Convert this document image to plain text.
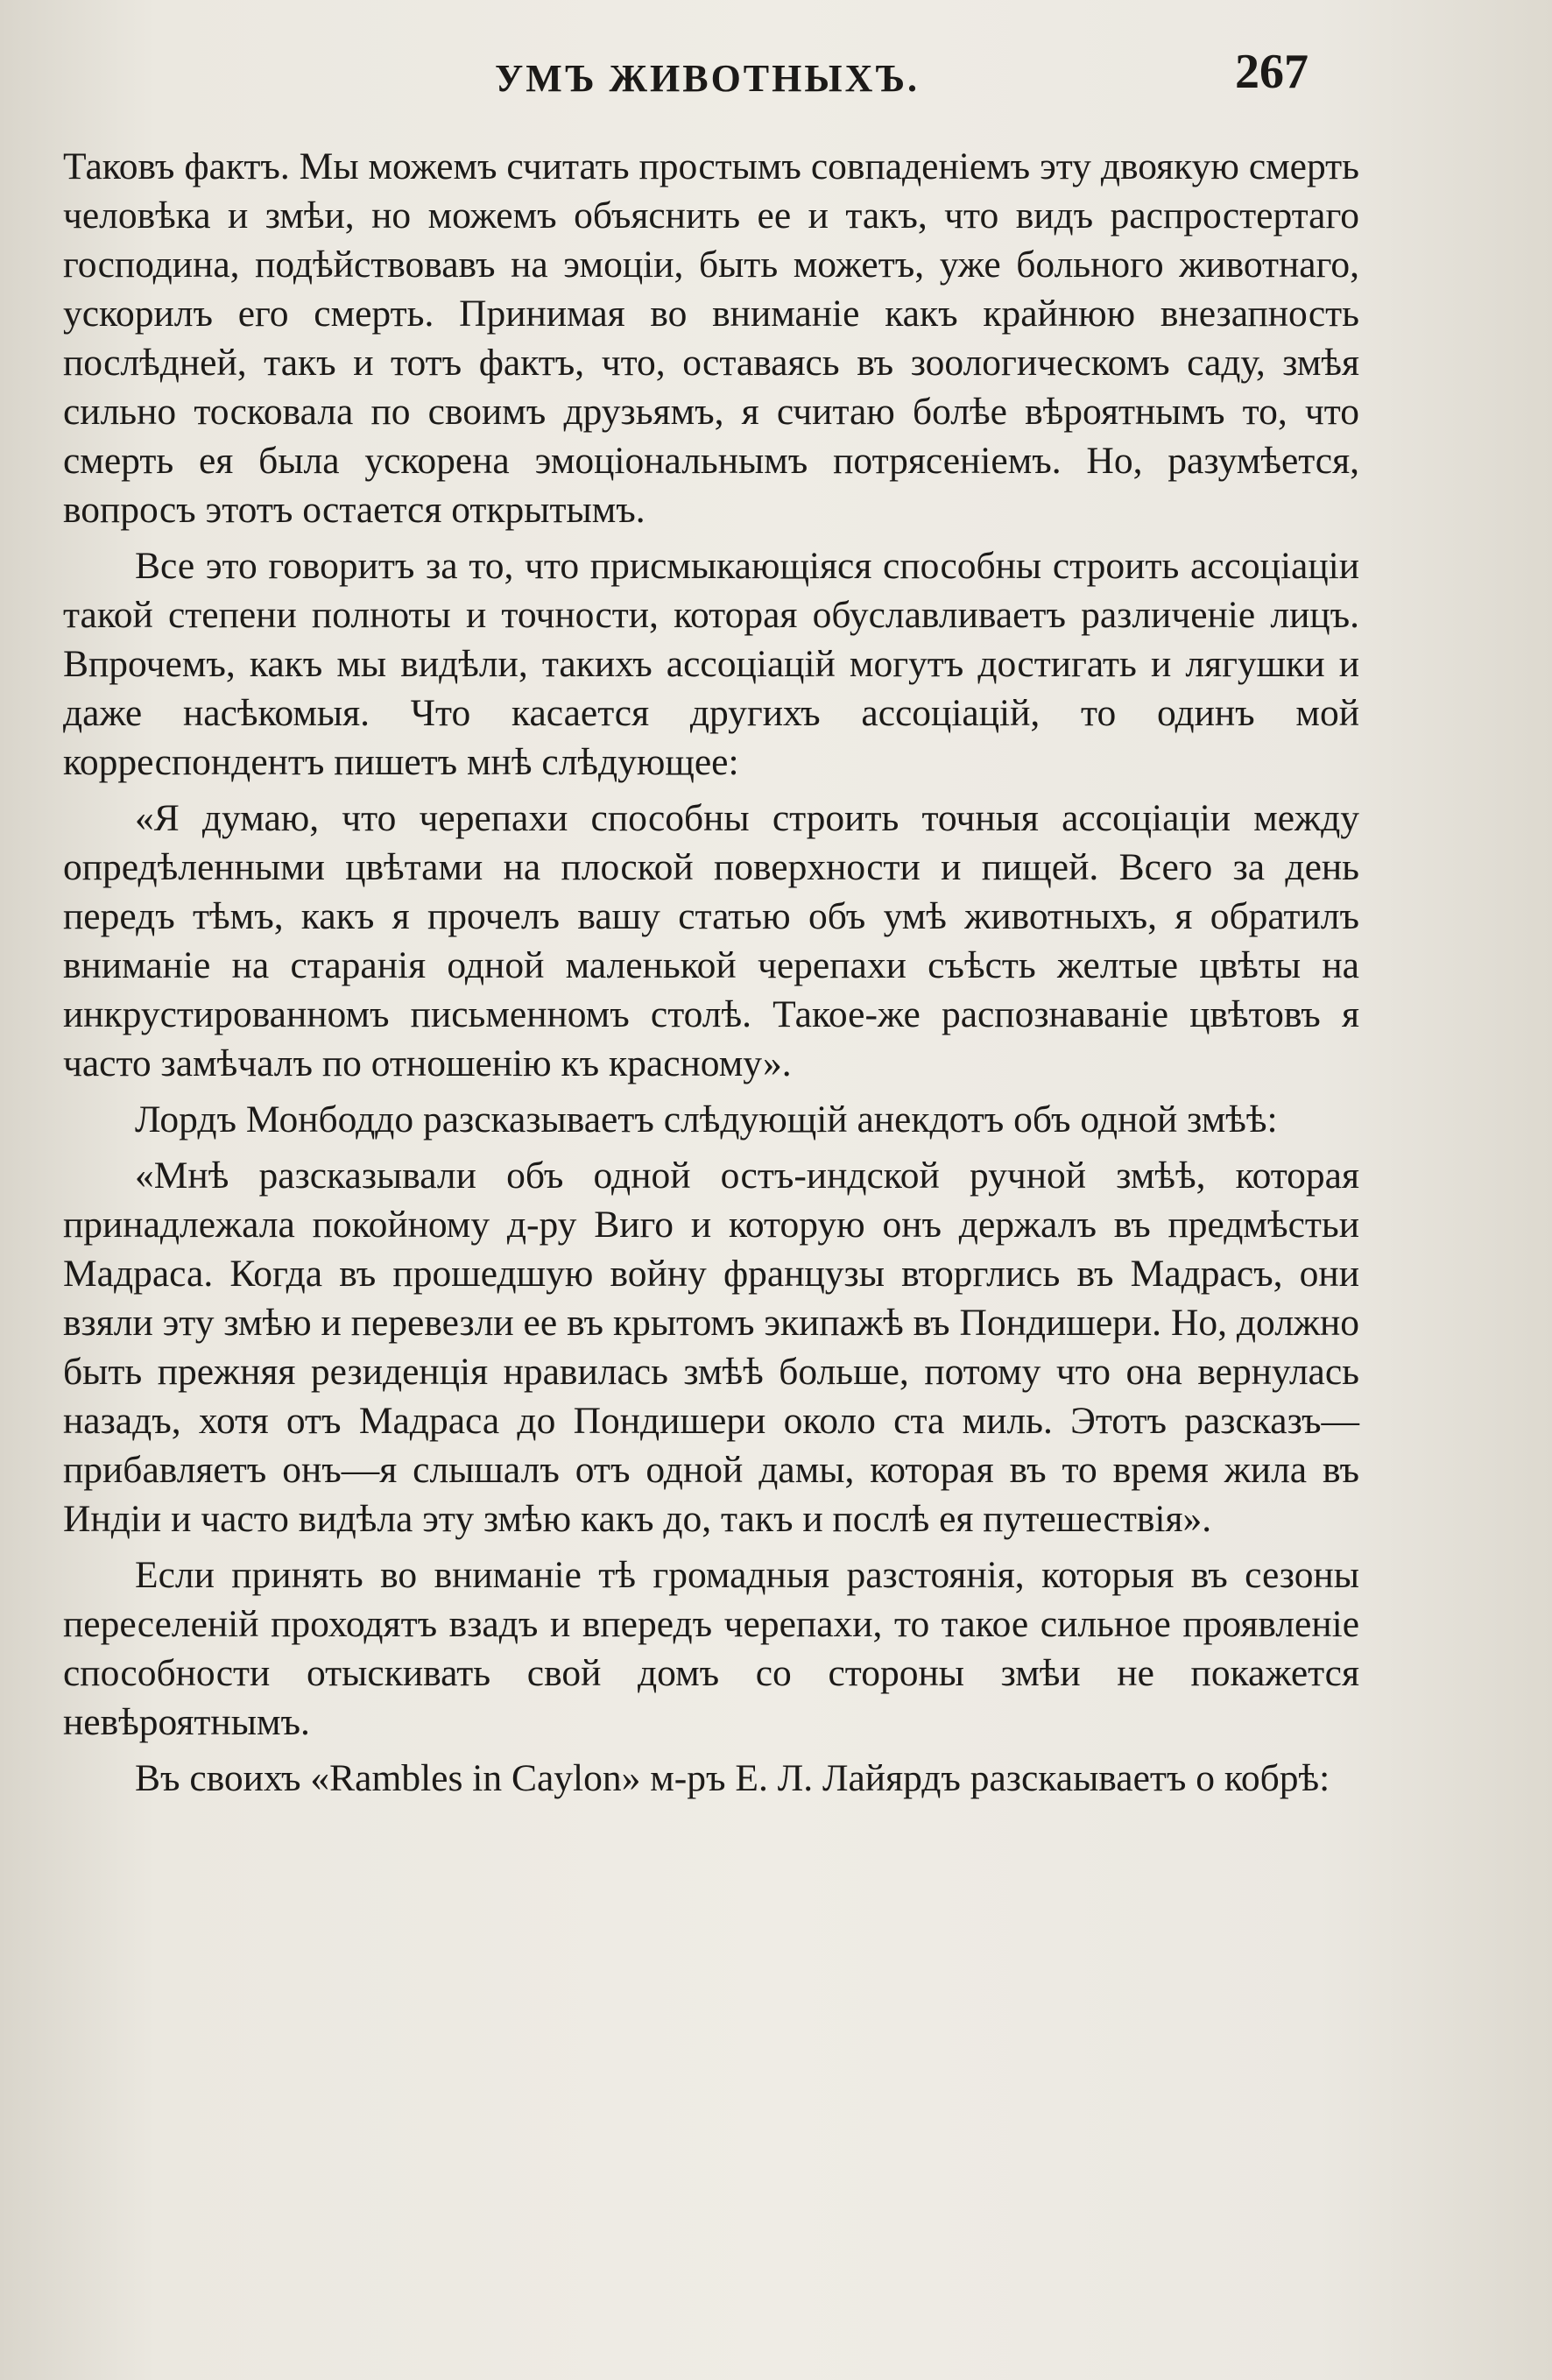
УМЪ ЖИВОТНЫХЪ.	267

Таковъ фактъ. Мы можемъ считать простымъ совпаденіемъ эту двоякую смерть человѣка и змѣи, но можемъ объяснить ее и такъ, что видъ распростертаго господина, подѣйствовавъ на эмоціи, быть можетъ, уже больного животнаго, ускорилъ его смерть. Принимая во вниманіе какъ крайнюю внезапность послѣдней, такъ и тотъ фактъ, что, оставаясь въ зоологическомъ саду, змѣя сильно тосковала по своимъ друзьямъ, я считаю болѣе вѣроятнымъ то, что смерть ея была ускорена эмоціональнымъ потрясеніемъ. Но, разумѣется, вопросъ этотъ остается открытымъ.

Все это говоритъ за то, что присмыкающіяся способны строить ассоціаціи такой степени полноты и точности, которая обуславливаетъ различеніе лицъ. Впрочемъ, какъ мы видѣли, такихъ ассоціацій могутъ достигать и лягушки и даже насѣкомыя. Что касается другихъ ассоціацій, то одинъ мой корреспондентъ пишетъ мнѣ слѣдующее:

«Я думаю, что черепахи способны строить точныя ассоціаціи между опредѣленными цвѣтами на плоской поверхности и пищей. Всего за день передъ тѣмъ, какъ я прочелъ вашу статью объ умѣ животныхъ, я обратилъ вниманіе на старанія одной маленькой черепахи съѣсть желтые цвѣты на инкрустированномъ письменномъ столѣ. Такое-же распознаваніе цвѣтовъ я часто замѣчалъ по отношенію къ красному».

Лордъ Монбоддо разсказываетъ слѣдующій анекдотъ объ одной змѣѣ:

«Мнѣ разсказывали объ одной остъ-индской ручной змѣѣ, которая принадлежала покойному д-ру Виго и которую онъ держалъ въ предмѣстьи Мадраса. Когда въ прошедшую войну французы вторглись въ Мадрасъ, они взяли эту змѣю и перевезли ее въ крытомъ экипажѣ въ Пондишери. Но, должно быть прежняя резиденція нравилась змѣѣ больше, потому что она вернулась назадъ, хотя отъ Мадраса до Пондишери около ста миль. Этотъ разсказъ—прибавляетъ онъ—я слышалъ отъ одной дамы, которая въ то время жила въ Индіи и часто видѣла эту змѣю какъ до, такъ и послѣ ея путешествія».

Если принять во вниманіе тѣ громадныя разстоянія, которыя въ сезоны переселеній проходятъ взадъ и впередъ черепахи, то такое сильное проявленіе способности отыскивать свой домъ со стороны змѣи не покажется невѣроятнымъ.

Въ своихъ «Rambles in Caylon» м-ръ Е. Л. Лайярдъ разскаываетъ о кобрѣ:
